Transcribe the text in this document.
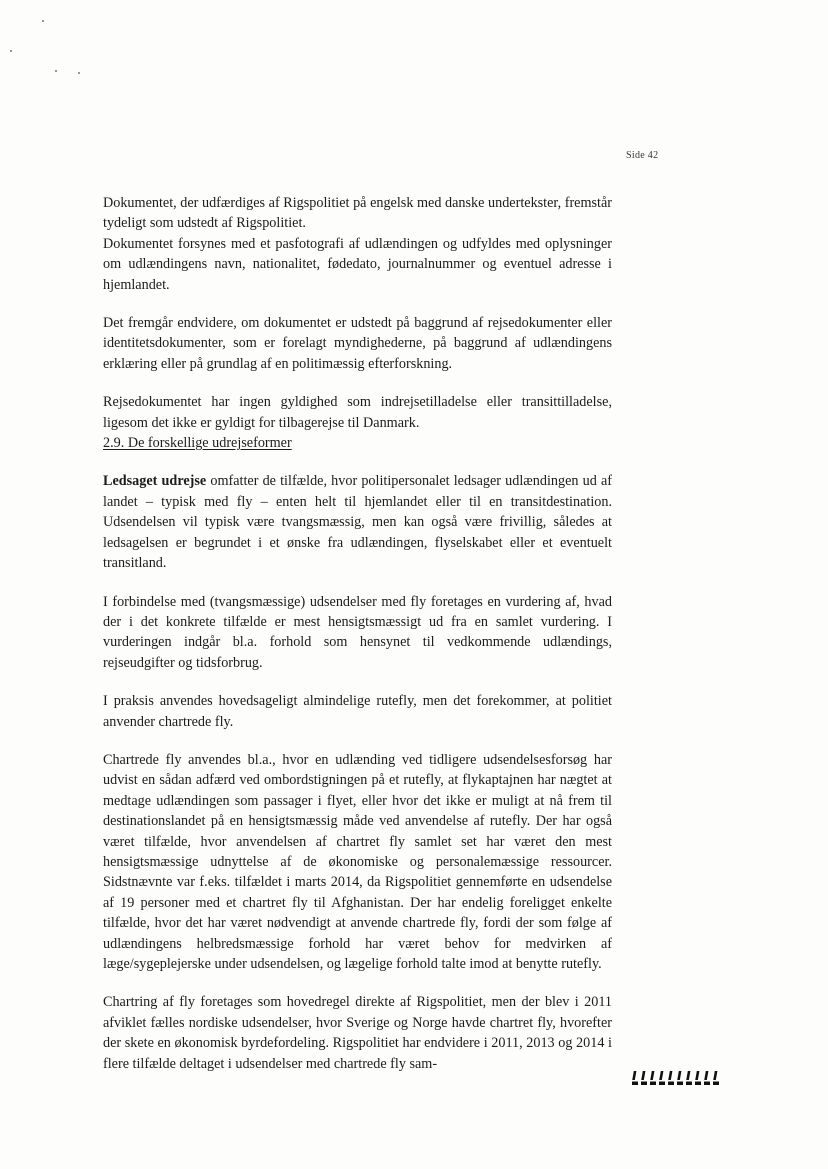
Side 42

Dokumentet, der udfærdiges af Rigspolitiet på engelsk med danske undertekster, fremstår tydeligt som udstedt af Rigspolitiet.

Dokumentet forsynes med et pasfotografi af udlændingen og udfyldes med oplysninger om udlændingens navn, nationalitet, fødedato, journalnummer og eventuel adresse i hjemlandet.

Det fremgår endvidere, om dokumentet er udstedt på baggrund af rejsedokumenter eller identitetsdokumenter, som er forelagt myndighederne, på baggrund af udlændingens erklæring eller på grundlag af en politimæssig efterforskning.

Rejsedokumentet har ingen gyldighed som indrejsetilladelse eller transittilladelse, ligesom det ikke er gyldigt for tilbagerejse til Danmark.

2.9. De forskellige udrejseformer

Ledsaget udrejse omfatter de tilfælde, hvor politipersonalet ledsager udlændingen ud af landet – typisk med fly – enten helt til hjemlandet eller til en transitdestination. Udsendelsen vil typisk være tvangsmæssig, men kan også være frivillig, således at ledsagelsen er begrundet i et ønske fra udlændingen, flyselskabet eller et eventuelt transitland.

I forbindelse med (tvangsmæssige) udsendelser med fly foretages en vurdering af, hvad der i det konkrete tilfælde er mest hensigtsmæssigt ud fra en samlet vurdering. I vurderingen indgår bl.a. forhold som hensynet til vedkommende udlændings, rejseudgifter og tidsforbrug.

I praksis anvendes hovedsageligt almindelige rutefly, men det forekommer, at politiet anvender chartrede fly.

Chartrede fly anvendes bl.a., hvor en udlænding ved tidligere udsendelsesforsøg har udvist en sådan adfærd ved ombordstigningen på et rutefly, at flykaptajnen har nægtet at medtage udlændingen som passager i flyet, eller hvor det ikke er muligt at nå frem til destinationslandet på en hensigtsmæssig måde ved anvendelse af rutefly. Der har også været tilfælde, hvor anvendelsen af chartret fly samlet set har været den mest hensigtsmæssige udnyttelse af de økonomiske og personalemæssige ressourcer. Sidstnævnte var f.eks. tilfældet i marts 2014, da Rigspolitiet gennemførte en udsendelse af 19 personer med et chartret fly til Afghanistan. Der har endelig foreligget enkelte tilfælde, hvor det har været nødvendigt at anvende chartrede fly, fordi der som følge af udlændingens helbredsmæssige forhold har været behov for medvirken af læge/sygeplejerske under udsendelsen, og lægelige forhold talte imod at benytte rutefly.

Chartring af fly foretages som hovedregel direkte af Rigspolitiet, men der blev i 2011 afviklet fælles nordiske udsendelser, hvor Sverige og Norge havde chartret fly, hvorefter der skete en økonomisk byrdefordeling. Rigspolitiet har endvidere i 2011, 2013 og 2014 i flere tilfælde deltaget i udsendelser med chartrede fly sam-
